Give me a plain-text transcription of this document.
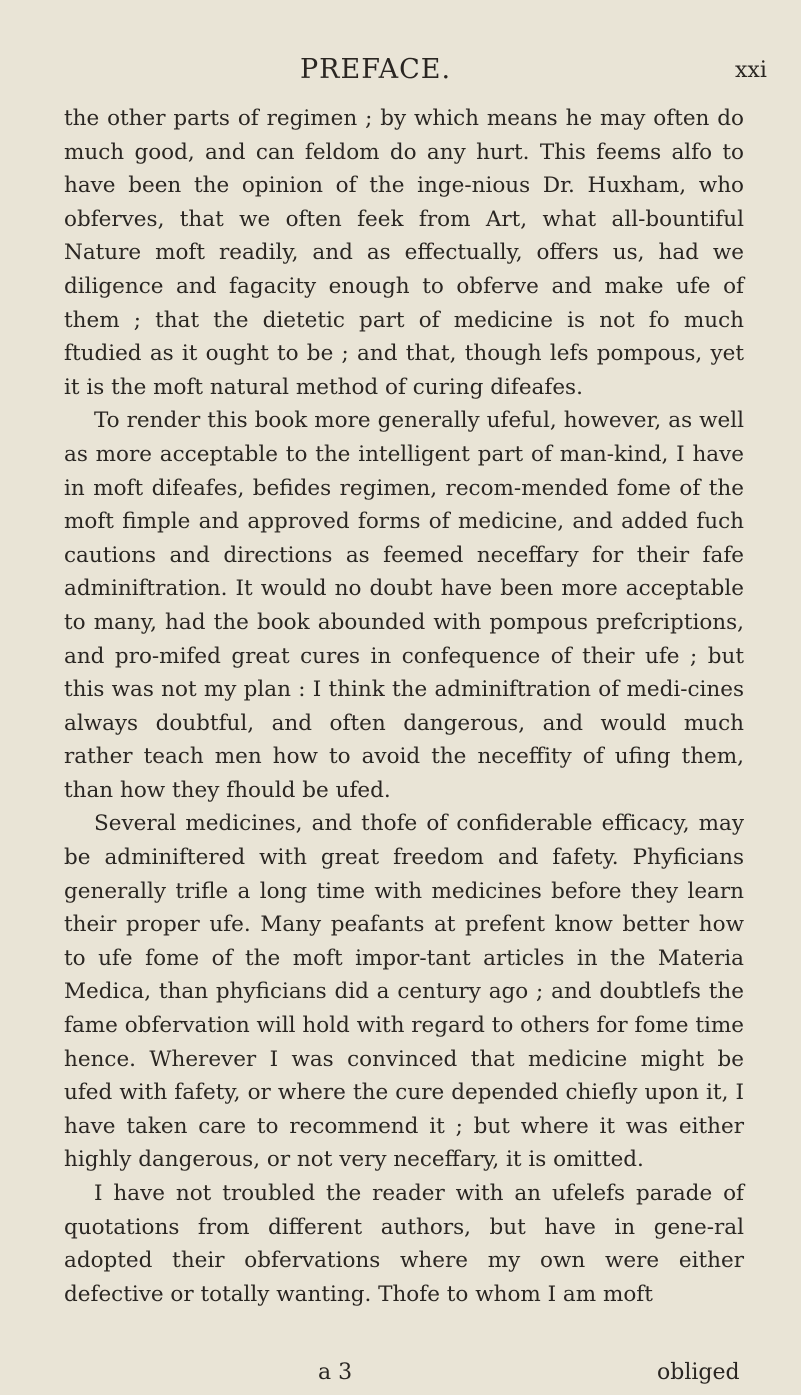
PREFACE.	xxi

the other parts of regimen ; by which means he may often do much good, and can feldom do any hurt. This feems alfo to have been the opinion of the inge-nious Dr. Huxham, who obferves, that we often feek from Art, what all-bountiful Nature moft readily, and as effectually, offers us, had we diligence and fagacity enough to obferve and make ufe of them ; that the dietetic part of medicine is not fo much ftudied as it ought to be ; and that, though lefs pompous, yet it is the moft natural method of curing difeafes.

To render this book more generally ufeful, however, as well as more acceptable to the intelligent part of man-kind, I have in moft difeafes, befides regimen, recom-mended fome of the moft fimple and approved forms of medicine, and added fuch cautions and directions as feemed neceffary for their fafe adminiftration. It would no doubt have been more acceptable to many, had the book abounded with pompous prefcriptions, and pro-mifed great cures in confequence of their ufe ; but this was not my plan : I think the adminiftration of medi-cines always doubtful, and often dangerous, and would much rather teach men how to avoid the neceffity of ufing them, than how they fhould be ufed.

Several medicines, and thofe of confiderable efficacy, may be adminiftered with great freedom and fafety. Phyficians generally trifle a long time with medicines before they learn their proper ufe. Many peafants at prefent know better how to ufe fome of the moft impor-tant articles in the Materia Medica, than phyficians did a century ago ; and doubtlefs the fame obfervation will hold with regard to others for fome time hence. Wherever I was convinced that medicine might be ufed with fafety, or where the cure depended chiefly upon it, I have taken care to recommend it ; but where it was either highly dangerous, or not very neceffary, it is omitted.

I have not troubled the reader with an ufelefs parade of quotations from different authors, but have in gene-ral adopted their obfervations where my own were either defective or totally wanting. Thofe to whom I am moft

a 3	obliged
